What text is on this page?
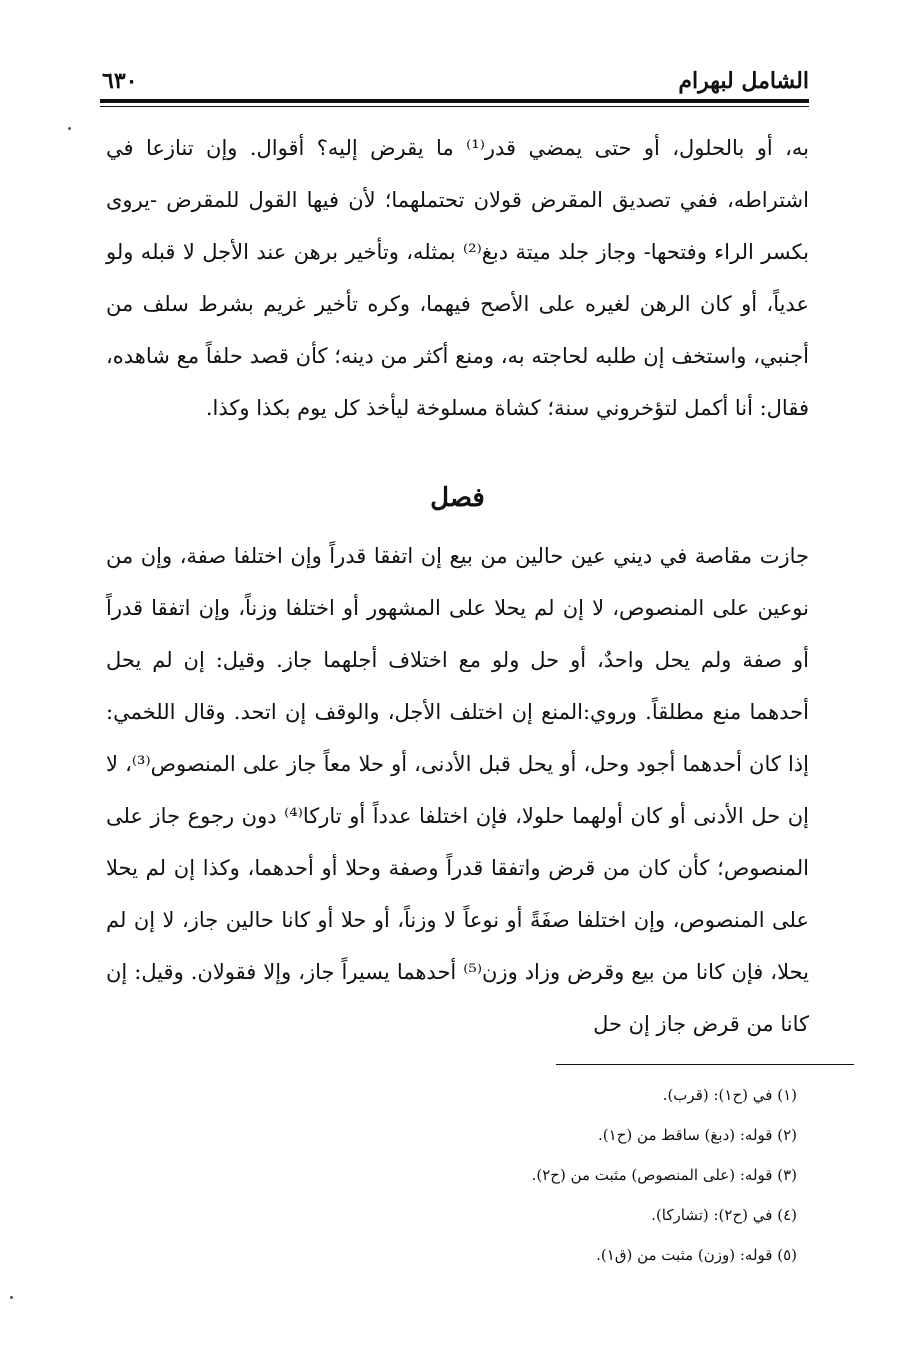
٦٣٠	الشامل لبهرام

به، أو بالحلول، أو حتى يمضي قدر⁽¹⁾ ما يقرض إليه؟ أقوال. وإن تنازعا في اشتراطه، ففي تصديق المقرض قولان تحتملهما؛ لأن فيها القول للمقرض -يروى بكسر الراء وفتحها- وجاز جلد ميتة دبغ⁽²⁾ بمثله، وتأخير برهن عند الأجل لا قبله ولو عدياً، أو كان الرهن لغيره على الأصح فيهما، وكره تأخير غريم بشرط سلف من أجنبي، واستخف إن طلبه لحاجته به، ومنع أكثر من دينه؛ كأن قصد حلفاً مع شاهده، فقال: أنا أكمل لتؤخروني سنة؛ كشاة مسلوخة ليأخذ كل يوم بكذا وكذا.

فصل

جازت مقاصة في ديني عين حالين من بيع إن اتفقا قدراً وإن اختلفا صفة، وإن من نوعين على المنصوص، لا إن لم يحلا على المشهور أو اختلفا وزناً، وإن اتفقا قدراً أو صفة ولم يحل واحدٌ، أو حل ولو مع اختلاف أجلهما جاز. وقيل: إن لم يحل أحدهما منع مطلقاً. وروي:المنع إن اختلف الأجل، والوقف إن اتحد. وقال اللخمي: إذا كان أحدهما أجود وحل، أو يحل قبل الأدنى، أو حلا معاً جاز على المنصوص⁽³⁾، لا إن حل الأدنى أو كان أولهما حلولا، فإن اختلفا عدداً أو تاركا⁽⁴⁾ دون رجوع جاز على المنصوص؛ كأن كان من قرض واتفقا قدراً وصفة وحلا أو أحدهما، وكذا إن لم يحلا على المنصوص، وإن اختلفا صفَةً أو نوعاً لا وزناً، أو حلا أو كانا حالين جاز، لا إن لم يحلا، فإن كانا من بيع وقرض وزاد وزن⁽⁵⁾ أحدهما يسيراً جاز، وإلا فقولان. وقيل: إن كانا من قرض جاز إن حل

(١) في (ح١): (قرب).
(٢) قوله: (دبغ) ساقط من (ح١).
(٣) قوله: (على المنصوص) مثبت من (ح٢).
(٤) في (ح٢): (تشاركا).
(٥) قوله: (وزن) مثبت من (ق١).
